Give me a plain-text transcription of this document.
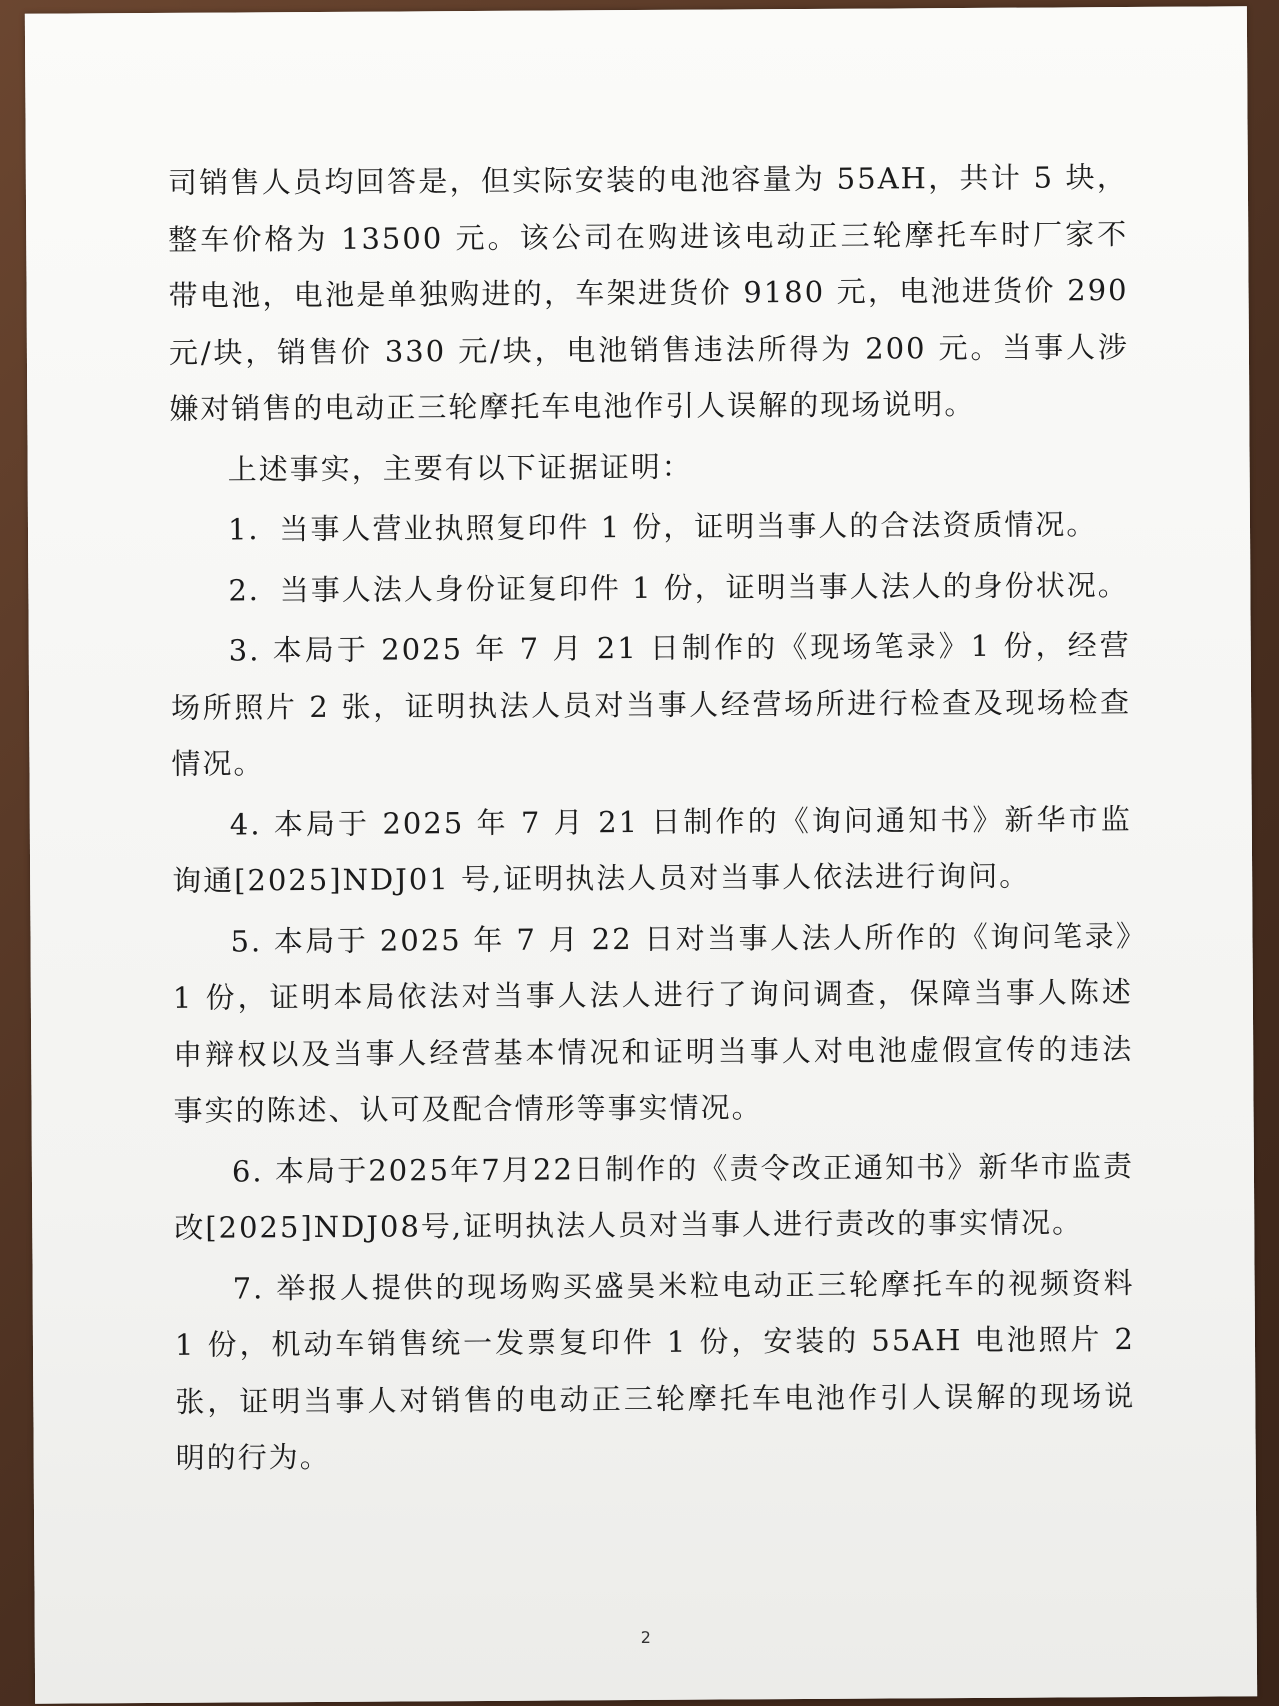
司销售人员均回答是，但实际安装的电池容量为 55AH，共计 5 块，整车价格为 13500 元。该公司在购进该电动正三轮摩托车时厂家不带电池，电池是单独购进的，车架进货价 9180 元，电池进货价 290 元/块，销售价 330 元/块，电池销售违法所得为 200 元。当事人涉嫌对销售的电动正三轮摩托车电池作引人误解的现场说明。

上述事实，主要有以下证据证明：

1．当事人营业执照复印件 1 份，证明当事人的合法资质情况。

2．当事人法人身份证复印件 1 份，证明当事人法人的身份状况。

3. 本局于 2025 年 7 月 21 日制作的《现场笔录》1 份，经营场所照片 2 张，证明执法人员对当事人经营场所进行检查及现场检查情况。

4. 本局于 2025 年 7 月 21 日制作的《询问通知书》新华市监询通[2025]NDJ01 号,证明执法人员对当事人依法进行询问。

5. 本局于 2025 年 7 月 22 日对当事人法人所作的《询问笔录》1 份，证明本局依法对当事人法人进行了询问调查，保障当事人陈述申辩权以及当事人经营基本情况和证明当事人对电池虚假宣传的违法事实的陈述、认可及配合情形等事实情况。

6. 本局于2025年7月22日制作的《责令改正通知书》新华市监责改[2025]NDJ08号,证明执法人员对当事人进行责改的事实情况。

7. 举报人提供的现场购买盛昊米粒电动正三轮摩托车的视频资料 1 份，机动车销售统一发票复印件 1 份，安装的 55AH 电池照片 2 张，证明当事人对销售的电动正三轮摩托车电池作引人误解的现场说明的行为。

2
